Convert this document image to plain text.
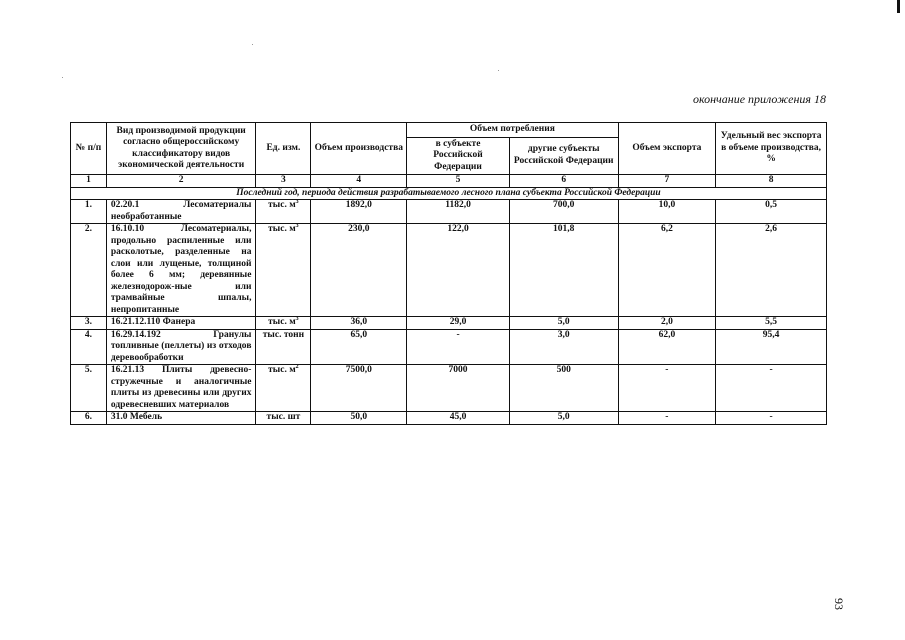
окончание приложения 18
№ п/п	Вид производимой продукции согласно общероссийскому классификатору видов экономической деятельности	Ед. изм.	Объем производства	Объем потребления		Объем экспорта	Удельный вес экспорта в объеме производства, %
				в субъекте Российской Федерации	другие субъекты Российской Федерации		
1	2	3	4	5	6	7	8
Последний год, периода действия разрабатываемого лесного плана субъекта Российской Федерации							
1.	02.20.1 Лесоматериалы необработанные	тыс. $м^3$	1892,0	1182,0	700,0	10,0	0,5
2.	16.10.10 Лесоматериалы, продольно распиленные или расколотые, разделенные на слои или лущеные, толщиной более 6 мм; деревянные железнодорож-ные или трамвайные шпалы, непропитанные	тыс. $м^3$	230,0	122,0	101,8	6,2	2,6
3.	16.21.12.110 Фанера	тыс. $м^3$	36,0	29,0	5,0	2,0	5,5
4.	16.29.14.192 Гранулы топливные (пеллеты) из отходов деревообработки	тыс. тонн	65,0	-	3,0	62,0	95,4
5.	16.21.13 Плиты древесно-стружечные и аналогичные плиты из древесины или других одревесневших материалов	тыс. $м^2$	7500,0	7000	500	-	-
6.	31.0 Мебель	тыс. шт	50,0	45,0	5,0	-	-
93
